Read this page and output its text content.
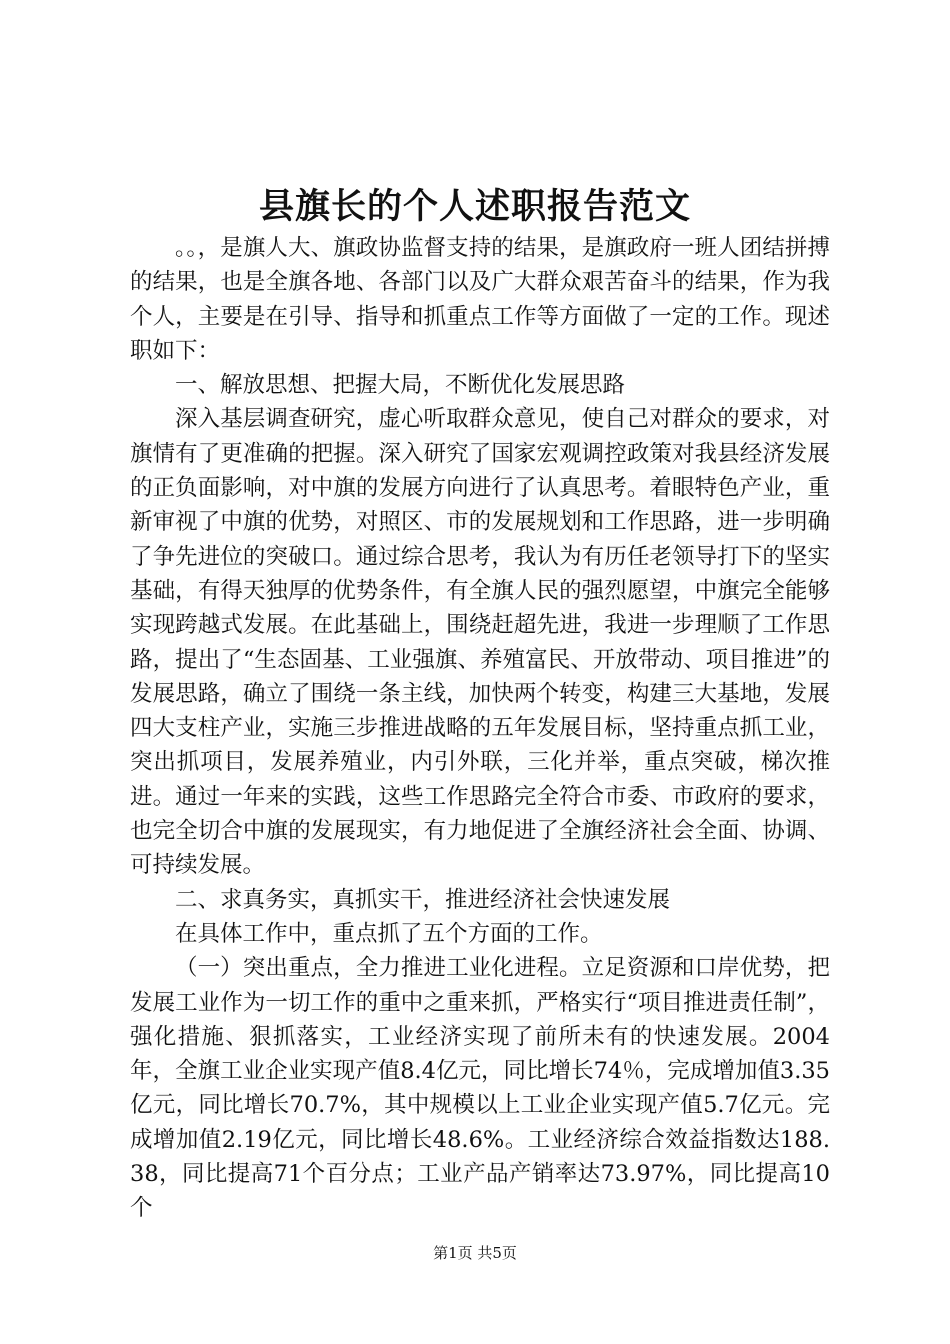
县旗长的个人述职报告范文

。。，是旗人大、旗政协监督支持的结果，是旗政府一班人团结拼搏的结果，也是全旗各地、各部门以及广大群众艰苦奋斗的结果，作为我个人，主要是在引导、指导和抓重点工作等方面做了一定的工作。现述职如下：

一、解放思想、把握大局，不断优化发展思路

深入基层调查研究，虚心听取群众意见，使自己对群众的要求，对旗情有了更准确的把握。深入研究了国家宏观调控政策对我县经济发展的正负面影响，对中旗的发展方向进行了认真思考。着眼特色产业，重新审视了中旗的优势，对照区、市的发展规划和工作思路，进一步明确了争先进位的突破口。通过综合思考，我认为有历任老领导打下的坚实基础，有得天独厚的优势条件，有全旗人民的强烈愿望，中旗完全能够实现跨越式发展。在此基础上，围绕赶超先进，我进一步理顺了工作思路，提出了“生态固基、工业强旗、养殖富民、开放带动、项目推进”的发展思路，确立了围绕一条主线，加快两个转变，构建三大基地，发展四大支柱产业，实施三步推进战略的五年发展目标，坚持重点抓工业，突出抓项目，发展养殖业，内引外联，三化并举，重点突破，梯次推进。通过一年来的实践，这些工作思路完全符合市委、市政府的要求，也完全切合中旗的发展现实，有力地促进了全旗经济社会全面、协调、可持续发展。

二、求真务实，真抓实干，推进经济社会快速发展

在具体工作中，重点抓了五个方面的工作。

（一）突出重点，全力推进工业化进程。立足资源和口岸优势，把发展工业作为一切工作的重中之重来抓，严格实行“项目推进责任制”，强化措施、狠抓落实，工业经济实现了前所未有的快速发展。2004年，全旗工业企业实现产值8.4亿元，同比增长74％，完成增加值3.35亿元，同比增长70.7%，其中规模以上工业企业实现产值5.7亿元。完成增加值2.19亿元，同比增长48.6%。工业经济综合效益指数达188.38，同比提高71个百分点；工业产品产销率达73.97%，同比提高10个

第1页 共5页
